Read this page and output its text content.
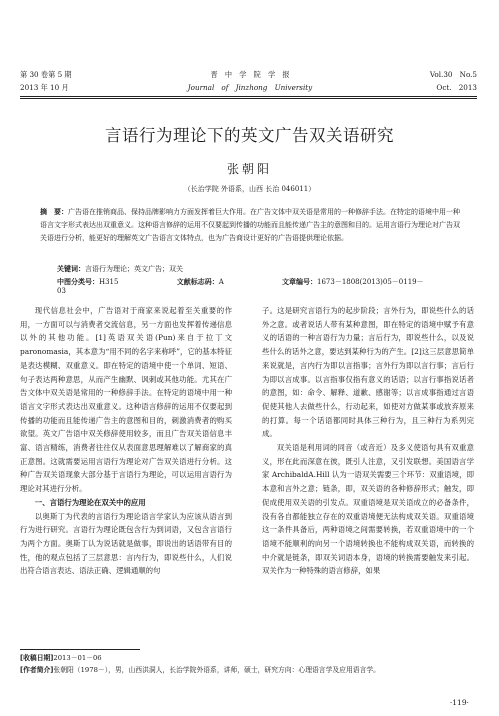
第 30 卷第 5 期
2013 年 10 月
晋　中　学　院　学　报
Journal　of　Jinzhong　University
Vol.30　No.5
Oct.　2013
言语行为理论下的英文广告双关语研究
张朝阳
（长治学院 外语系，山西 长治 046011）
摘　要：广告语在推销商品、保持品牌影响力方面发挥着巨大作用。在广告文体中双关语是常用的一种修辞手法。在特定的语境中用一种语言文字形式表达出双重意义。这种语言修辞的运用不仅要起到传播的功能而且能传递广告主的意图和目的。运用言语行为理论对广告双关语进行分析，能更好的理解英文广告语言文体特点，也为广告商设计更好的广告语提供理论依据。
关键词：言语行为理论；英文广告；双关
中图分类号：H315	文献标志码：A	文章编号：1673－1808(2013)05－0119－03

现代信息社会中，广告语对于商家来说起着至关重要的作用，一方面可以与消费者交流信息，另一方面也发挥着传递信息以外的其他功能。[1]英语双关语(Pun)来自于拉丁文 paronomasia，其本意为“用不同的名字来称呼”，它的基本特征是表达模糊、双重意义。即在特定的语境中使一个单词、短语、句子表达两种意思，从而产生幽默、讽刺或其他功能。尤其在广告文体中双关语是常用的一种修辞手法。在特定的语境中用一种语言文字形式表达出双重意义。这种语言修辞的运用不仅要起到传播的功能而且能传递广告主的意图和目的，刺激消费者的购买欲望。英文广告语中双关修辞使用较多，而且广告双关语信息丰富、语言精练，消费者往往仅从表面意思理解难以了解商家的真正意图。这就需要运用言语行为理论对广告双关语进行分析。这种广告双关语现象大部分基于言语行为理论，可以运用言语行为理论对其进行分析。

一、言语行为理论在双关中的应用

以奥斯丁为代表的言语行为理论语言学家认为应该从语言到行为进行研究。言语行为理论既包含行为到词语，又包含言语行为两个方面。奥斯丁认为说话就是做事，即说出的话语带有目的性，他的观点包括了三层意思：言内行为，即说些什么，人们说出符合语言表达、语法正确、逻辑通顺的句

子。这是研究言语行为的起步阶段；言外行为，即说些什么的话外之意。或者说话人带有某种意图，即在特定的语境中赋予有意义的话语的一种言语行为力量；言后行为，即说些什么，以及说些什么的话外之意，要达到某种行为的产生。[2]这三层意思简单来说就是，言内行为即以言指事；言外行为即以言行事；言后行为即以言成事。以言指事仅指有意义的话语；以言行事指说话者的意图，如：命令、解释、道歉、感谢等；以言成事指通过言语促使其他人去做些什么，行动起来，如使对方做某事或放弃原来的打算。每一个话语都同时具体三种行为，且三种行为系列完成。

双关语是利用词的同音（或音近）及多义使语句具有双重意义，形在此而深意在彼，既引人注意，又引发联想。美国语言学家 ArchibaldA.Hill 认为一语双关需要三个环节：双重语境，即本意和言外之意；链条，即，双关语的各种修辞形式；触发，即促成使用双关语的引发点。双重语境是双关语成立的必备条件，没有各自都能独立存在的双重语境便无法构成双关语。双重语境这一条件具备后，两种语境之间需要转换，若双重语境中的一个语境不能顺利的向另一个语境转换也不能构成双关语，而转换的中介就是链条，即双关词语本身，语境的转换需要触发来引起。双关作为一种特殊的语言修辞，如果

[收稿日期]2013－01－06
[作者简介]张朝阳（1978－），男，山西洪洞人，长治学院外语系，讲师，硕士，研究方向：心理语言学及应用语言学。
·119·
